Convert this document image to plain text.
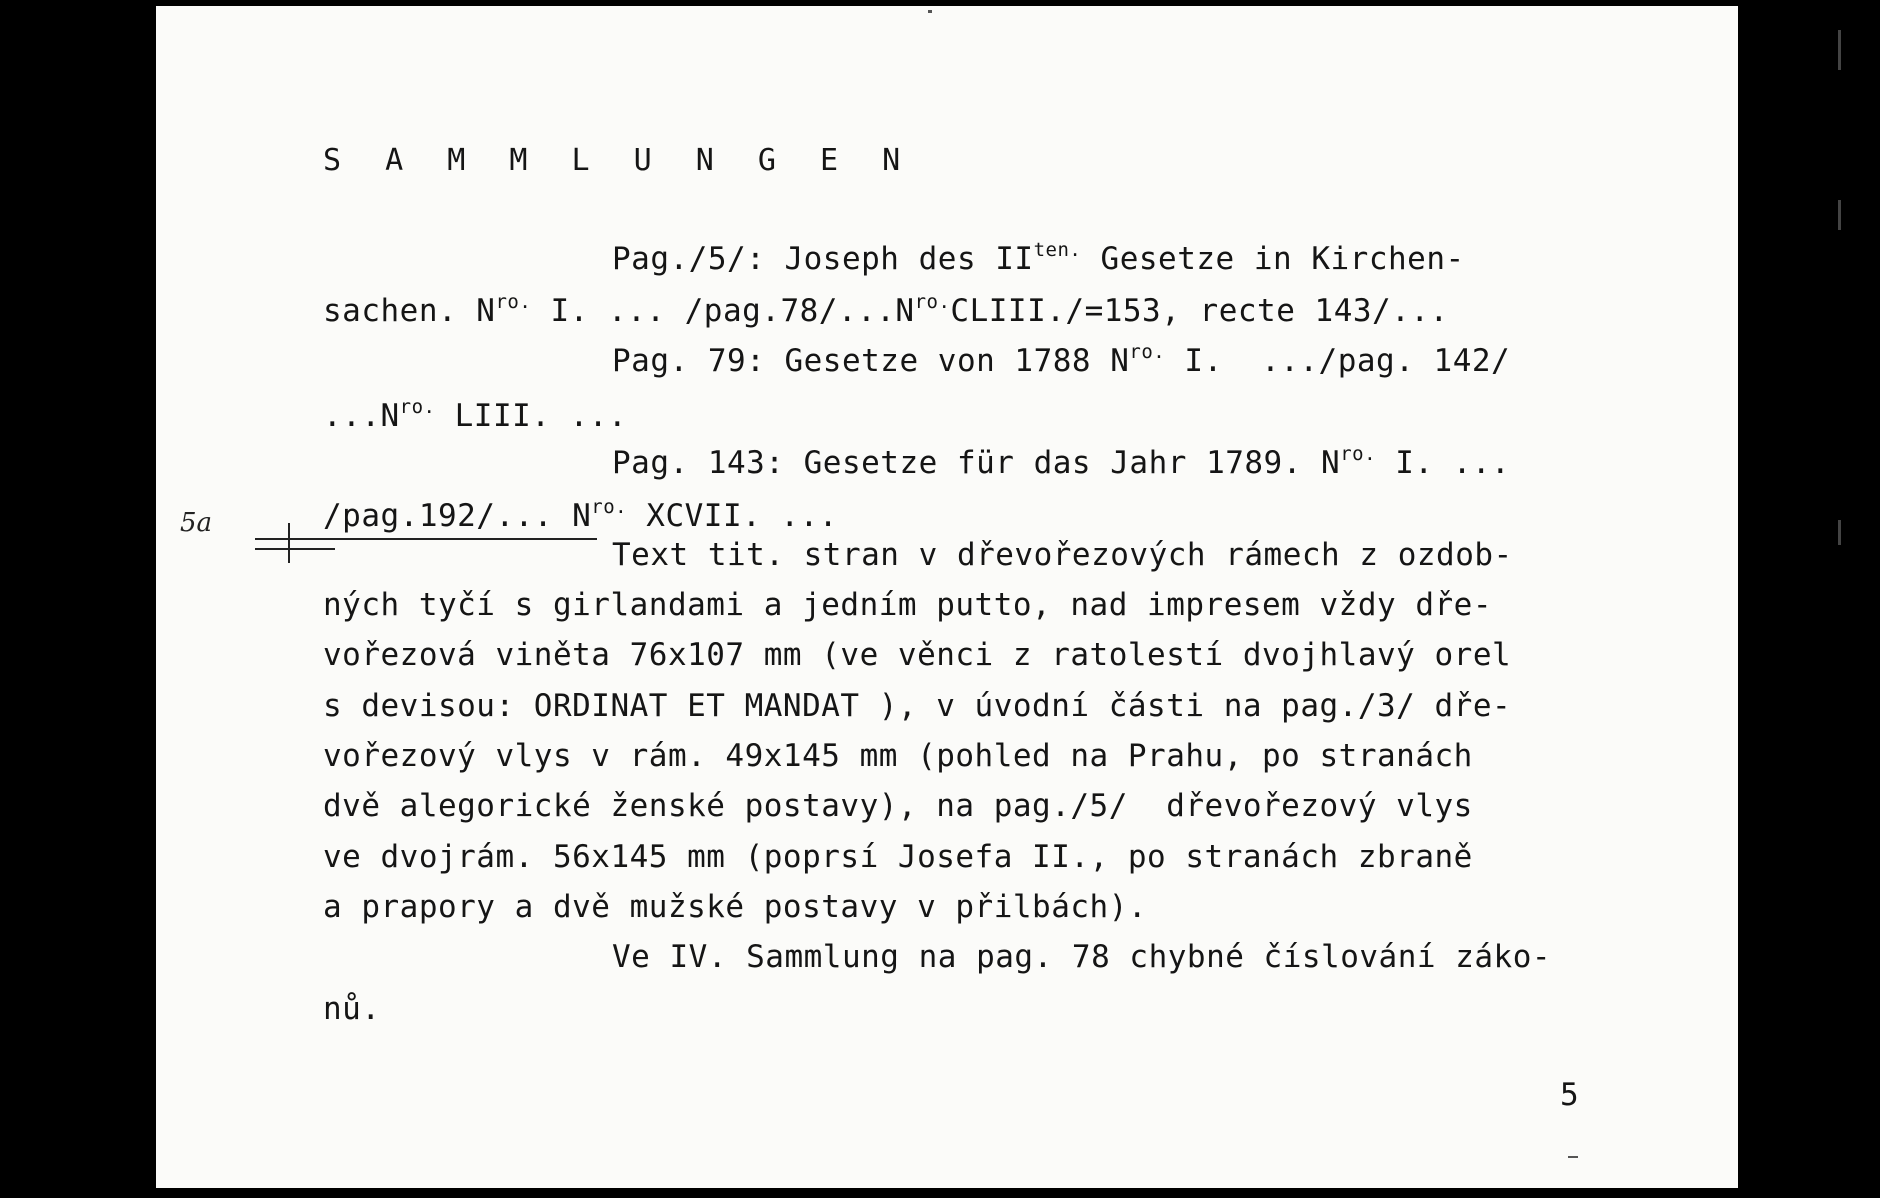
S A M M L U N G E N
Pag./5/: Joseph des $II^{ten.}$ Gesetze in Kirchen-
sachen. $N^{ro.}$ I. ... $/pag.78/...N^{ro.}CLIII./=153$, recte 143/...
Pag. 79: Gesetze von 1788 $N^{ro.}$ I.  .../pag. 142/
$...N^{ro.}$ LIII. ...
Pag. 143: Gesetze für das Jahr 1789. $N^{ro.}$ I. ...
/pag.192/... $N^{ro.}$ XCVII. ...
5a
Text tit. stran v dřevořezových rámech z ozdob-
ných tyčí s girlandami a jedním putto, nad impresem vždy dře-
vořezová viněta 76x107 mm (ve věnci z ratolestí dvojhlavý orel
s devisou: ORDINAT ET MANDAT ), v úvodní části na pag./3/ dře-
vořezový vlys v rám. 49x145 mm (pohled na Prahu, po stranách
dvě alegorické ženské postavy), na pag./5/  dřevořezový vlys
ve dvojrám. 56x145 mm (poprsí Josefa II., po stranách zbraně
a prapory a dvě mužské postavy v přilbách).
Ve IV. Sammlung na pag. 78 chybné číslování záko-
nů.
5
